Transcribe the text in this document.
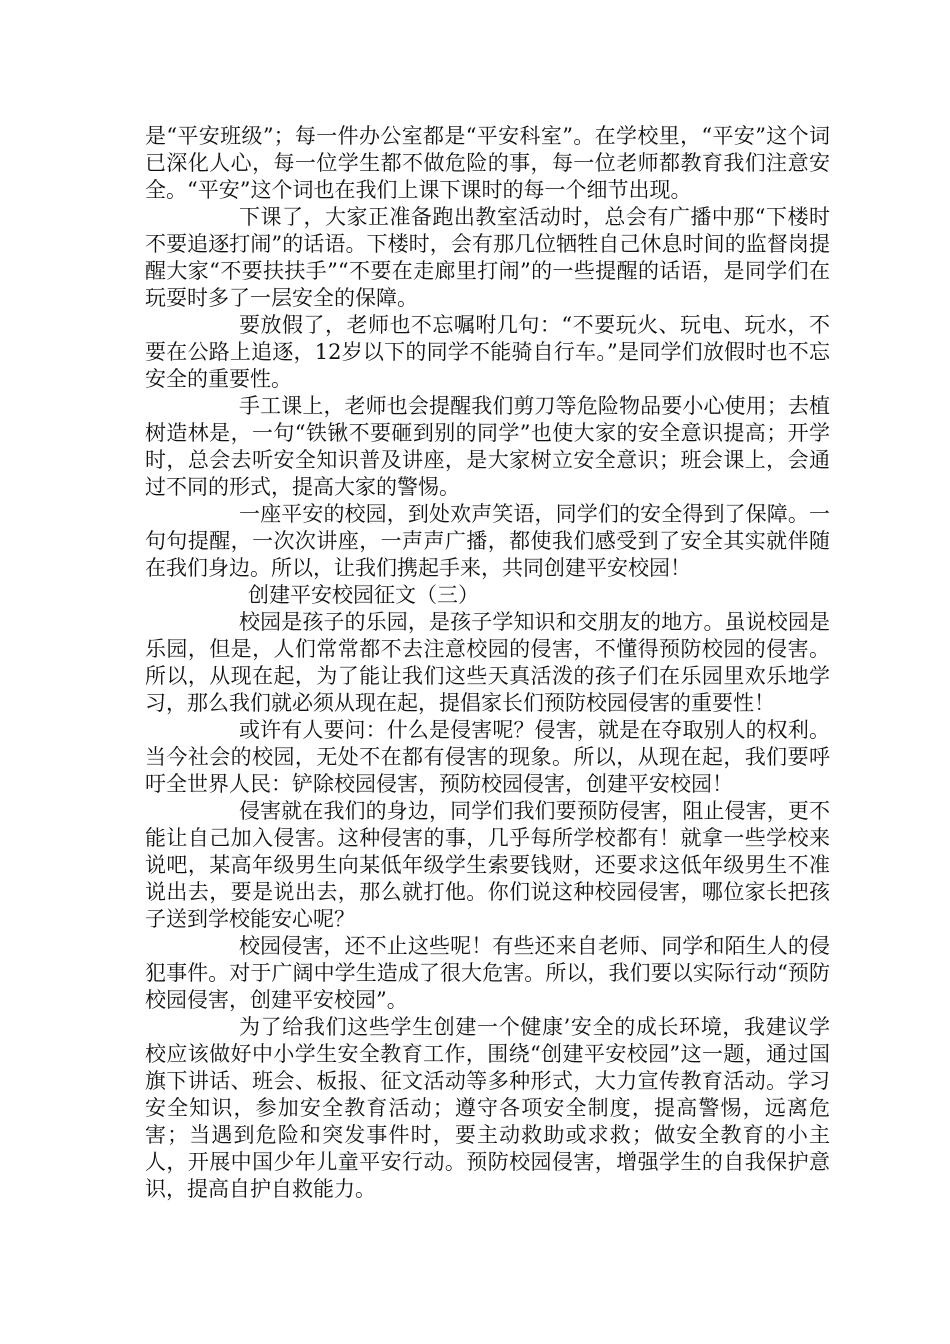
是“平安班级”；每一件办公室都是“平安科室”。在学校里，“平安”这个词已深化人心，每一位学生都不做危险的事，每一位老师都教育我们注意安全。“平安”这个词也在我们上课下课时的每一个细节出现。

下课了，大家正准备跑出教室活动时，总会有广播中那“下楼时不要追逐打闹”的话语。下楼时，会有那几位牺牲自己休息时间的监督岗提醒大家“不要扶扶手”“不要在走廊里打闹”的一些提醒的话语，是同学们在玩耍时多了一层安全的保障。

要放假了，老师也不忘嘱咐几句：“不要玩火、玩电、玩水，不要在公路上追逐，12岁以下的同学不能骑自行车。”是同学们放假时也不忘安全的重要性。

手工课上，老师也会提醒我们剪刀等危险物品要小心使用；去植树造林是，一句“铁锹不要砸到别的同学”也使大家的安全意识提高；开学时，总会去听安全知识普及讲座，是大家树立安全意识；班会课上，会通过不同的形式，提高大家的警惕。

一座平安的校园，到处欢声笑语，同学们的安全得到了保障。一句句提醒，一次次讲座，一声声广播，都使我们感受到了安全其实就伴随在我们身边。所以，让我们携起手来，共同创建平安校园！

创建平安校园征文（三）

校园是孩子的乐园，是孩子学知识和交朋友的地方。虽说校园是乐园，但是，人们常常都不去注意校园的侵害，不懂得预防校园的侵害。所以，从现在起，为了能让我们这些天真活泼的孩子们在乐园里欢乐地学习，那么我们就必须从现在起，提倡家长们预防校园侵害的重要性！

或许有人要问：什么是侵害呢？侵害，就是在夺取别人的权利。当今社会的校园，无处不在都有侵害的现象。所以，从现在起，我们要呼吁全世界人民：铲除校园侵害，预防校园侵害，创建平安校园！

侵害就在我们的身边，同学们我们要预防侵害，阻止侵害，更不能让自己加入侵害。这种侵害的事，几乎每所学校都有！就拿一些学校来说吧，某高年级男生向某低年级学生索要钱财，还要求这低年级男生不准说出去，要是说出去，那么就打他。你们说这种校园侵害，哪位家长把孩子送到学校能安心呢？

校园侵害，还不止这些呢！有些还来自老师、同学和陌生人的侵犯事件。对于广阔中学生造成了很大危害。所以，我们要以实际行动“预防校园侵害，创建平安校园”。

为了给我们这些学生创建一个健康’安全的成长环境，我建议学校应该做好中小学生安全教育工作，围绕“创建平安校园”这一题，通过国旗下讲话、班会、板报、征文活动等多种形式，大力宣传教育活动。学习安全知识，参加安全教育活动；遵守各项安全制度，提高警惕，远离危害；当遇到危险和突发事件时，要主动救助或求救；做安全教育的小主人，开展中国少年儿童平安行动。预防校园侵害，增强学生的自我保护意识，提高自护自救能力。
